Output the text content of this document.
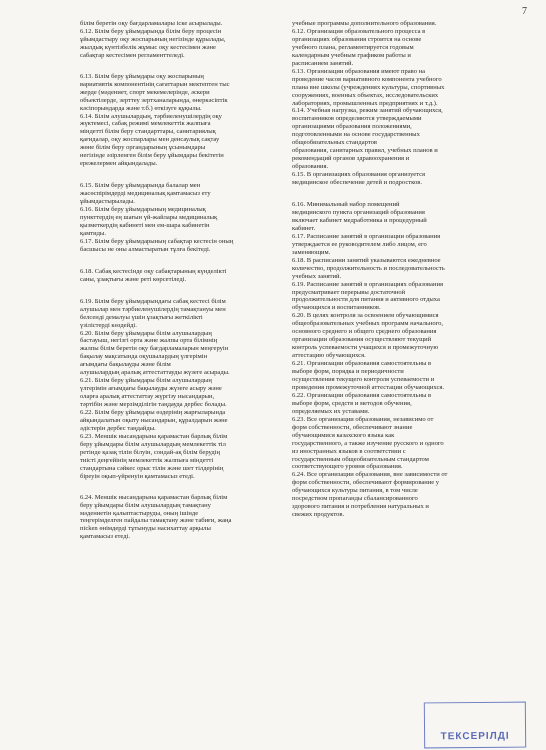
7

білім беретін оқу бағдарламалары іске асырылады.

6.12. Білім беру ұйымдарында білім беру процесін
ұйымдастыру оқу жоспарының негізінде құрылады,
жылдық күнтізбелік жұмыс оқу кестесімен және
сабақтар кестесімен регламенттеледі.

6.13. Білім беру ұйымдары оқу жоспарының
вариативтік компонентінің сағаттарын мектептен тыс
жерде (мәдениет, спорт мекемелерінде, әскери
объектілерде, зерттеу зертханаларында, өнеркәсіптік
кәсіпорындарда және т.б.) өткізуге құқылы.

6.14. Білім алушылардың, тәрбиеленушілердің оқу
жүктемесі, сабақ режимі мемлекеттік жалпыға
міндетті білім беру стандарттары, санитариялық
қағидалар, оқу жоспарлары мен денсаулық сақтау
жөне білім беру органдарының ұсынымдары
негізінде әзірленген білім беру ұйымдары бекітетін
ережелермен айқындалады.

6.15. Білім беру ұйымдарында балалар мен
жасөспірімдерді медициналық қамтамасыз ету
ұйымдастырылады.

6.16. Білім беру ұйымдарының медициналық
пункттердің ең шағын үй-жайлары медициналық
қызметкердің кабинеті мен ем-шара кабинетін
қамтиды.

6.17. Білім беру ұйымдарының сабақтар кестесін оның
басшысы не оны алмастыратын тұлға бекітеді.

6.18. Сабақ кестесінде оқу сабақтарының күнделікті
саны, ұзақтығы және реті көрсетіледі.

6.19. Білім беру ұйымдарындағы сабақ кестесі білім
алушылар мен тәрбиеленушілердің тамақтануы мен
белсенді демалуы үшін ұзақтығы жеткілікті
үзілістерді көздейді.

6.20. Білім беру ұйымдары білім алушылардың
бастауыш, негізгі орта және жалпы орта білімнің
жалпы білім беретін оқу бағдарламаларын меңгеруін
бақылау мақсатында оқушылардың үлгерімін
ағымдағы бақылауды және білім
алушылардың аралық аттестаттауды жүзеге асырады.

6.21. Білім беру ұйымдары білім алушылардың
үлгерімін ағымдағы бақылауды жүзеге асыру және
оларға аралық аттестаттау жүргізу нысандарын,
тәртібін және мерзімділігін таңдауда дербес болады.

6.22. Білім беру ұйымдары өздерінің жарғыларында
айқындалатын оқыту нысандарын, құралдарын және
әдістерін дербес таңдайды.

6.23. Меншік нысандарына қарамастан барлық білім
беру ұйымдары білім алушылардың мемлекеттік тіл
ретінде қазақ тілін білуін, сондай-ақ білім берудің
тиісті деңгейінің мемлекеттік жалпыға міндетті
стандартына сәйкес орыс тілін және шет тілдерінің
біреуін оқып-үйренуін қамтамасыз етеді.

6.24. Меншік нысандарына қарамастан барлық білім
беру ұйымдары білім алушылардың тамақтану
мәдениетін қалыптастыруды, оның ішінде
теңгерімделген пайдалы тамақтану және табиғи, жаңа
пісken өнімдерді тұтынуды насихаттау арқылы
қамтамасыз етеді.

учебные программы дополнительного образования.

6.12. Организация образовательного процесса в
организациях образования строится на основе
учебного плана, регламентируется годовым
календарным учебным графиком работы и
расписанием занятий.

6.13. Организации образования имеют право на
проведение часов вариативного компонента учебного
плана вне школы (учреждениях культуры, спортивных
сооружениях, военных объектах, исследовательских
лабораториях, промышленных предприятиях и т.д.).

6.14. Учебная нагрузка, режим занятий обучающихся,
воспитанников определяются утверждаемыми
организациями образования положениями,
подготовленными на основе государственных
общеобязательных стандартов
образования, санитарных правил, учебных планов и
рекомендаций органов здравоохранения и
образования.

6.15. В организациях образования организуется
медицинское обеспечение детей и подростков.

6.16. Минимальный набор помещений
медицинского пункта организаций образования
включает кабинет медработника и процедурный
кабинет.

6.17. Расписание занятий в организации образования
утверждается ее руководителем либо лицом, его
заменяющим.

6.18. В расписании занятий указываются ежедневное
количество, продолжительность и последовательность
учебных занятий.

6.19. Расписание занятий в организациях образования
предусматривает перерывы достаточной
продолжительности для питания и активного отдыха
обучающихся и воспитанников.

6.20. В целях контроля за освоением обучающимися
общеобразовательных учебных программ начального,
основного среднего и общего среднего образования
организации образования осуществляют текущий
контроль успеваемости учащихся и промежуточную
аттестацию обучающихся.

6.21. Организации образования самостоятельны в
выборе форм, порядка и периодичности
осуществления текущего контроля успеваемости и
проведения промежуточной аттестации обучающихся.

6.22. Организации образования самостоятельны в
выборе форм, средств и методов обучения,
определяемых их уставами.

6.23. Все организации образования, независимо от
форм собственности, обеспечивают знание
обучающимися казахского языка как
государственного, а также изучение русского и одного
из иностранных языков в соответствии с
государственным общеобязательным стандартом
соответствующего уровня образования.

6.24. Все организации образования, вне зависимости от
форм собственности, обеспечивают формирование у
обучающихся культуры питания, в том числе
посредством пропаганды сбалансированного
здорового питания и потребления натуральных и
свежих продуктов.

ТЕКСЕРІЛДІ
